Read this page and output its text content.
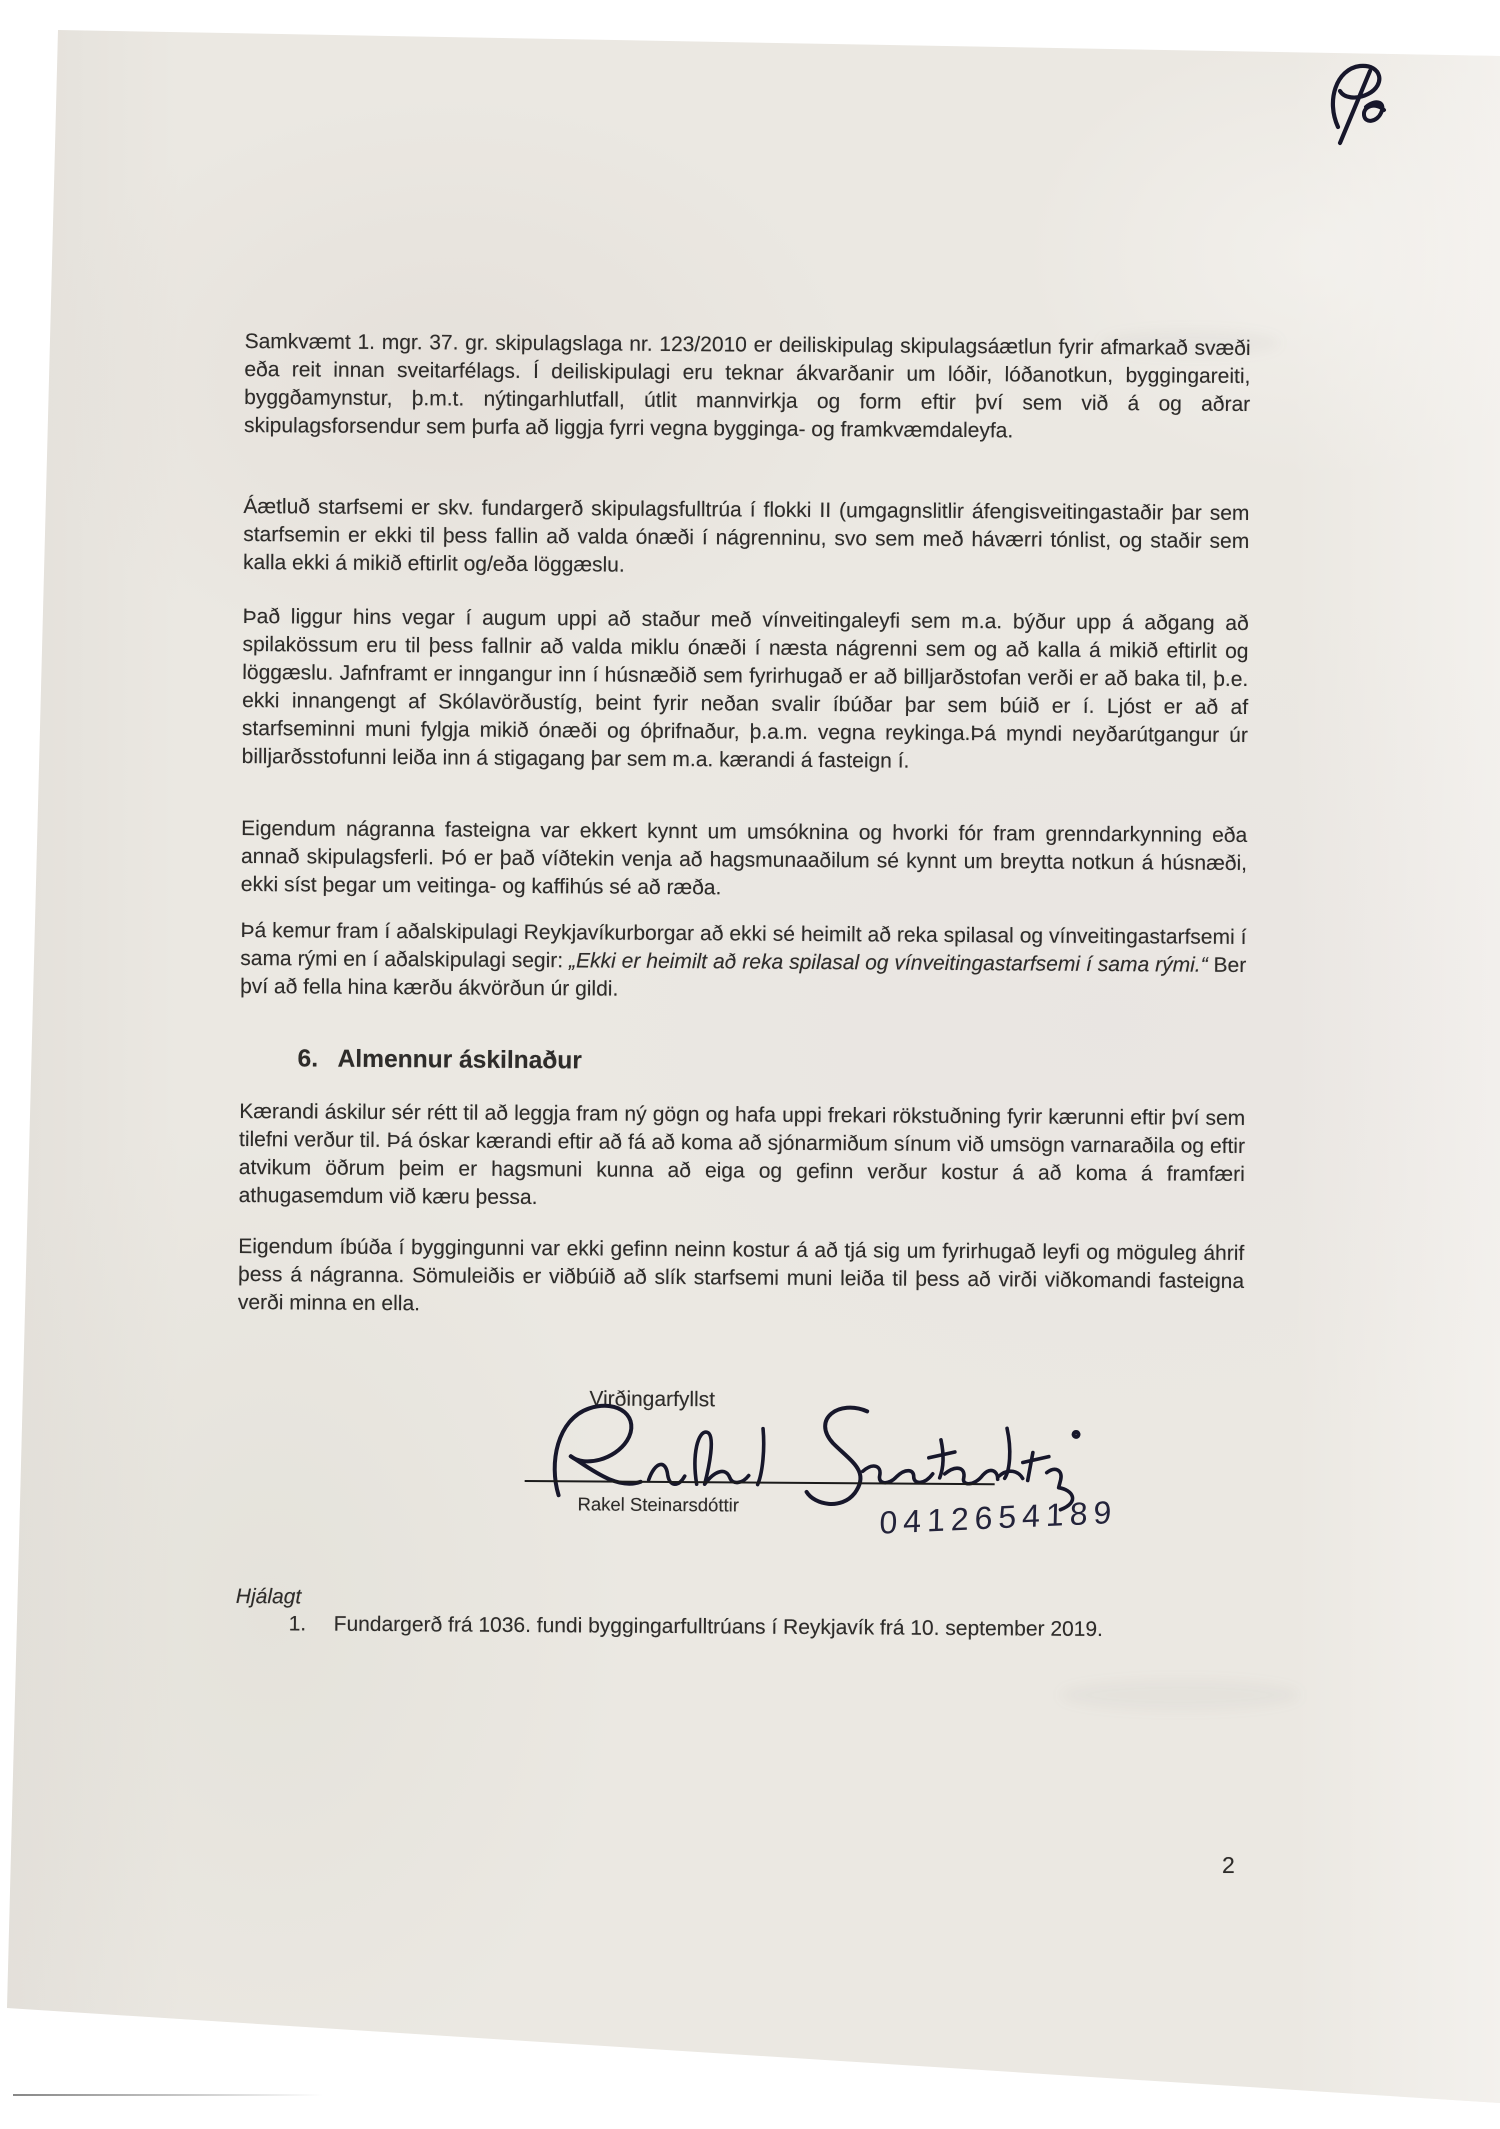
Samkvæmt 1. mgr. 37. gr. skipulagslaga nr. 123/2010 er deiliskipulag skipulagsáætlun fyrir afmarkað svæði eða reit innan sveitarfélags. Í deiliskipulagi eru teknar ákvarðanir um lóðir, lóðanotkun, byggingareiti, byggðamynstur, þ.m.t. nýtingarhlutfall, útlit mannvirkja og form eftir því sem við á og aðrar skipulagsforsendur sem þurfa að liggja fyrri vegna bygginga- og framkvæmdaleyfa.

Áætluð starfsemi er skv. fundargerð skipulagsfulltrúa í flokki II (umgagnslitlir áfengisveitingastaðir þar sem starfsemin er ekki til þess fallin að valda ónæði í nágrenninu, svo sem með háværri tónlist, og staðir sem kalla ekki á mikið eftirlit og/eða löggæslu.

Það liggur hins vegar í augum uppi að staður með vínveitingaleyfi sem m.a. býður upp á aðgang að spilakössum eru til þess fallnir að valda miklu ónæði í næsta nágrenni sem og að kalla á mikið eftirlit og löggæslu. Jafnframt er inngangur inn í húsnæðið sem fyrirhugað er að billjarðstofan verði er að baka til, þ.e. ekki innangengt af Skólavörðustíg, beint fyrir neðan svalir íbúðar þar sem búið er í. Ljóst er að af starfseminni muni fylgja mikið ónæði og óþrifnaður, þ.a.m. vegna reykinga.Þá myndi neyðarútgangur úr billjarðsstofunni leiða inn á stigagang þar sem m.a. kærandi á fasteign í.

Eigendum nágranna fasteigna var ekkert kynnt um umsóknina og hvorki fór fram grenndarkynning eða annað skipulagsferli. Þó er það víðtekin venja að hagsmunaaðilum sé kynnt um breytta notkun á húsnæði, ekki síst þegar um veitinga- og kaffihús sé að ræða.

Þá kemur fram í aðalskipulagi Reykjavíkurborgar að ekki sé heimilt að reka spilasal og vínveitingastarfsemi í sama rými en í aðalskipulagi segir: „Ekki er heimilt að reka spilasal og vínveitingastarfsemi í sama rými.“ Ber því að fella hina kærðu ákvörðun úr gildi.

6. Almennur áskilnaður

Kærandi áskilur sér rétt til að leggja fram ný gögn og hafa uppi frekari rökstuðning fyrir kærunni eftir því sem tilefni verður til. Þá óskar kærandi eftir að fá að koma að sjónarmiðum sínum við umsögn varnaraðila og eftir atvikum öðrum þeim er hagsmuni kunna að eiga og gefinn verður kostur á að koma á framfæri athugasemdum við kæru þessa.

Eigendum íbúða í byggingunni var ekki gefinn neinn kostur á að tjá sig um fyrirhugað leyfi og möguleg áhrif þess á nágranna. Sömuleiðis er viðbúið að slík starfsemi muni leiða til þess að virði viðkomandi fasteigna verði minna en ella.

Virðingarfyllst
Rakel Steinarsdóttir	0412654189

Hjálagt

1.	Fundargerð frá 1036. fundi byggingarfulltrúans í Reykjavík frá 10. september 2019.

2
